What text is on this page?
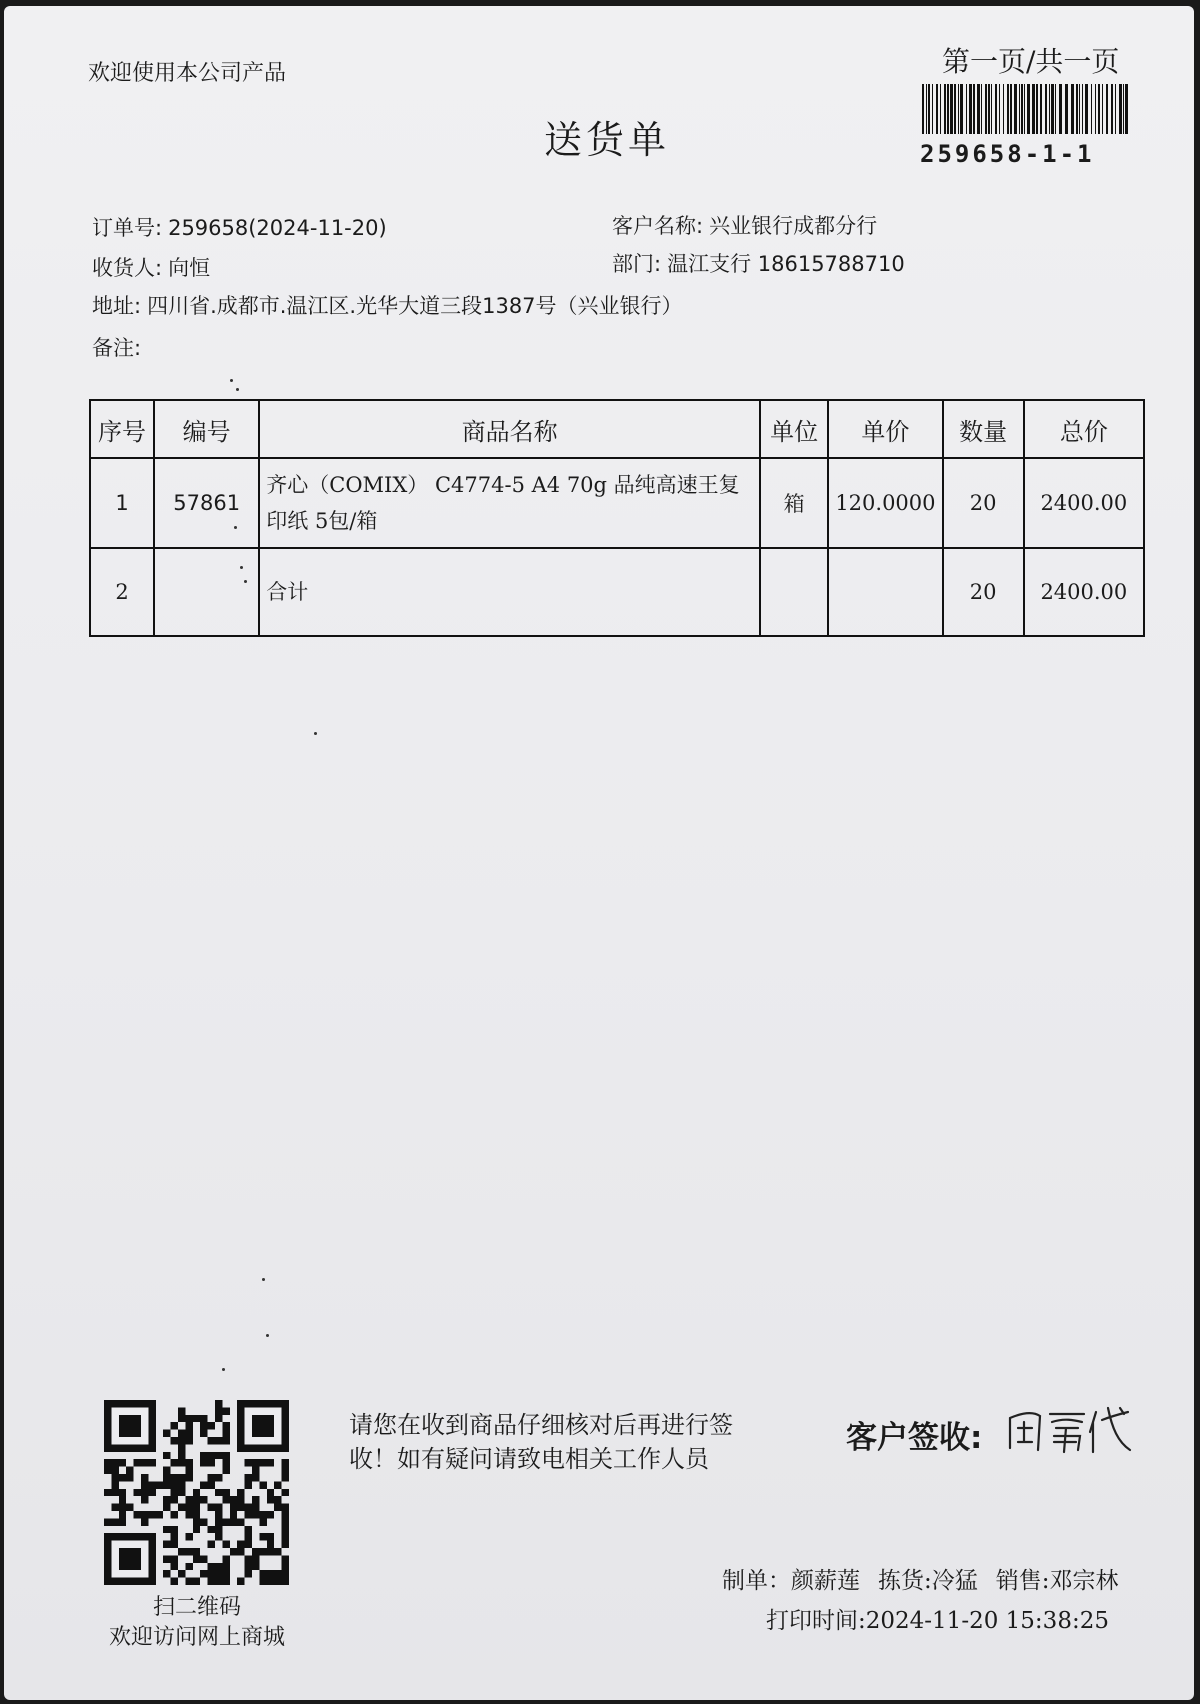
欢迎使用本公司产品
送货单
第一页/共一页
259658-1-1
订单号: 259658(2024-11-20)	客户名称: 兴业银行成都分行
收货人: 向恒	部门: 温江支行 18615788710
地址: 四川省.成都市.温江区.光华大道三段1387号（兴业银行）
备注:
序号	编号	商品名称	单位	单价	数量	总价
1	57861	齐心（COMIX） C4774-5 A4 70g 品纯高速王复印纸 5包/箱	箱	120.0000	20	2400.00
2		合计			20	2400.00
扫二维码
欢迎访问网上商城
请您在收到商品仔细核对后再进行签收！如有疑问请致电相关工作人员
客户签收:
制单：颜薪莲 拣货:冷猛 销售:邓宗林
打印时间:2024-11-20 15:38:25
